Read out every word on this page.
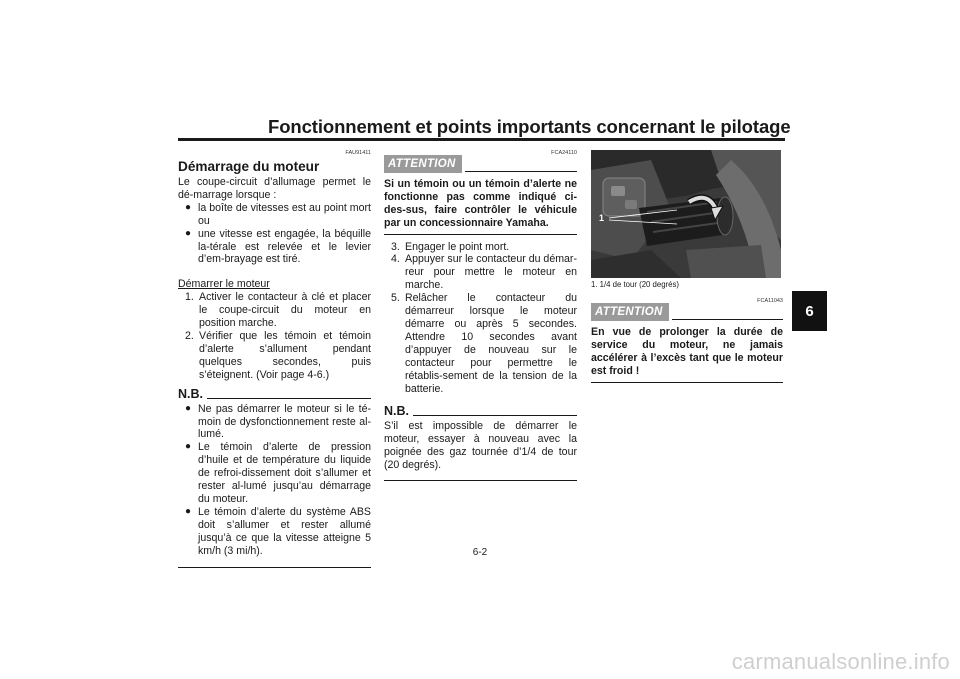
Fonctionnement et points importants concernant le pilotage
6
FAU91411
Démarrage du moteur

Le coupe-circuit d’allumage permet le dé-marrage lorsque :

● la boîte de vitesses est au point mort ou
● une vitesse est engagée, la béquille la-térale est relevée et le levier d’em-brayage est tiré.

Démarrer le moteur

1. Activer le contacteur à clé et placer le coupe-circuit du moteur en position marche.
2. Vérifier que les témoin et témoin d’alerte s’allument pendant quelques secondes, puis s’éteignent. (Voir page 4-6.)
N.B.
● Ne pas démarrer le moteur si le té-moin de dysfonctionnement reste al-lumé.
● Le témoin d’alerte de pression d’huile et de température du liquide de refroi-dissement doit s’allumer et rester al-lumé jusqu’au démarrage du moteur.
● Le témoin d’alerte du système ABS doit s’allumer et rester allumé jusqu’à ce que la vitesse atteigne 5 km/h (3 mi/h).
FCA24110
ATTENTION

Si un témoin ou un témoin d’alerte ne fonctionne pas comme indiqué ci-des-sus, faire contrôler le véhicule par un concessionnaire Yamaha.

3. Engager le point mort.
4. Appuyer sur le contacteur du démar-reur pour mettre le moteur en marche.
5. Relâcher le contacteur du démarreur lorsque le moteur démarre ou après 5 secondes. Attendre 10 secondes avant d’appuyer de nouveau sur le contacteur pour permettre le rétablis-sement de la tension de la batterie.
N.B.

S’il est impossible de démarrer le moteur, essayer à nouveau avec la poignée des gaz tournée d’1/4 de tour (20 degrés).

1
1. 1/4 de tour (20 degrés)
FCA11043
ATTENTION

En vue de prolonger la durée de service du moteur, ne jamais accélérer à l’excès tant que le moteur est froid !

6-2
carmanualsonline.info
